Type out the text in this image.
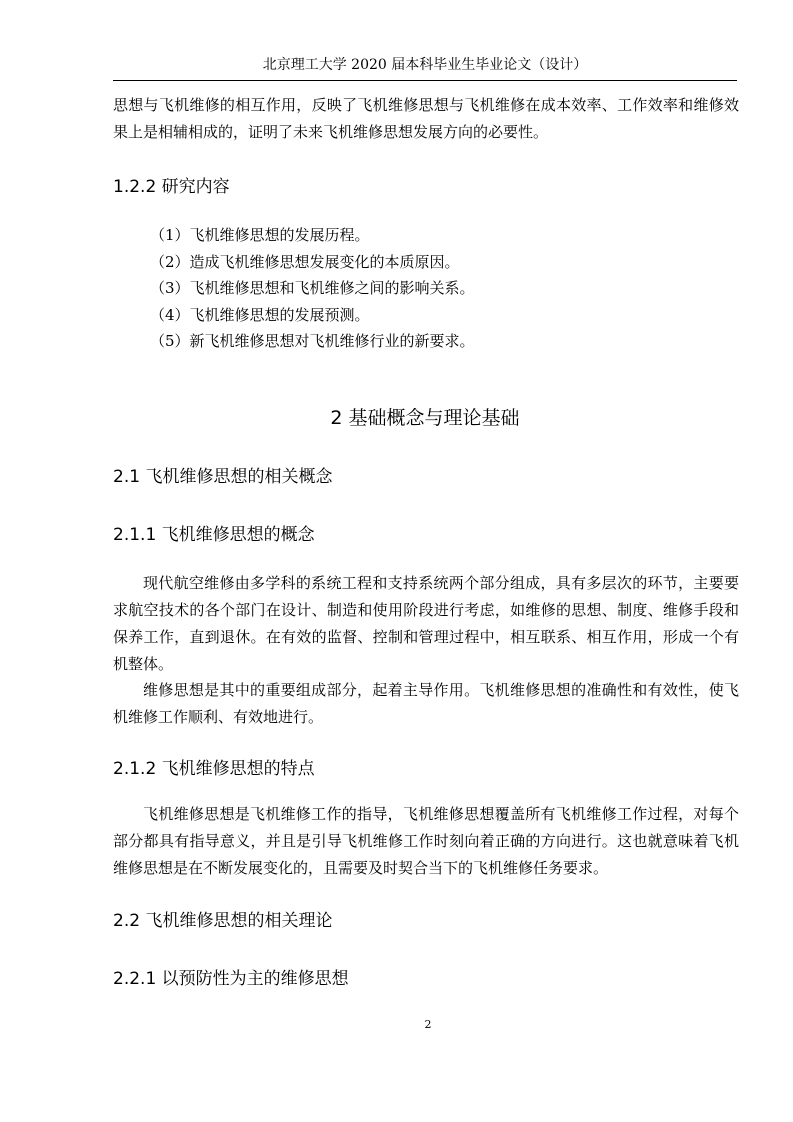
北京理工大学 2020 届本科毕业生毕业论文（设计）

思想与飞机维修的相互作用，反映了飞机维修思想与飞机维修在成本效率、工作效率和维修效果上是相辅相成的，证明了未来飞机维修思想发展方向的必要性。

1.2.2 研究内容
（1）飞机维修思想的发展历程。
（2）造成飞机维修思想发展变化的本质原因。
（3）飞机维修思想和飞机维修之间的影响关系。
（4）飞机维修思想的发展预测。
（5）新飞机维修思想对飞机维修行业的新要求。
2 基础概念与理论基础
2.1 飞机维修思想的相关概念
2.1.1 飞机维修思想的概念

现代航空维修由多学科的系统工程和支持系统两个部分组成，具有多层次的环节，主要要求航空技术的各个部门在设计、制造和使用阶段进行考虑，如维修的思想、制度、维修手段和保养工作，直到退休。在有效的监督、控制和管理过程中，相互联系、相互作用，形成一个有机整体。

维修思想是其中的重要组成部分，起着主导作用。飞机维修思想的准确性和有效性，使飞机维修工作顺利、有效地进行。

2.1.2 飞机维修思想的特点

飞机维修思想是飞机维修工作的指导，飞机维修思想覆盖所有飞机维修工作过程，对每个部分都具有指导意义，并且是引导飞机维修工作时刻向着正确的方向进行。这也就意味着飞机维修思想是在不断发展变化的，且需要及时契合当下的飞机维修任务要求。

2.2 飞机维修思想的相关理论
2.2.1 以预防性为主的维修思想
2
